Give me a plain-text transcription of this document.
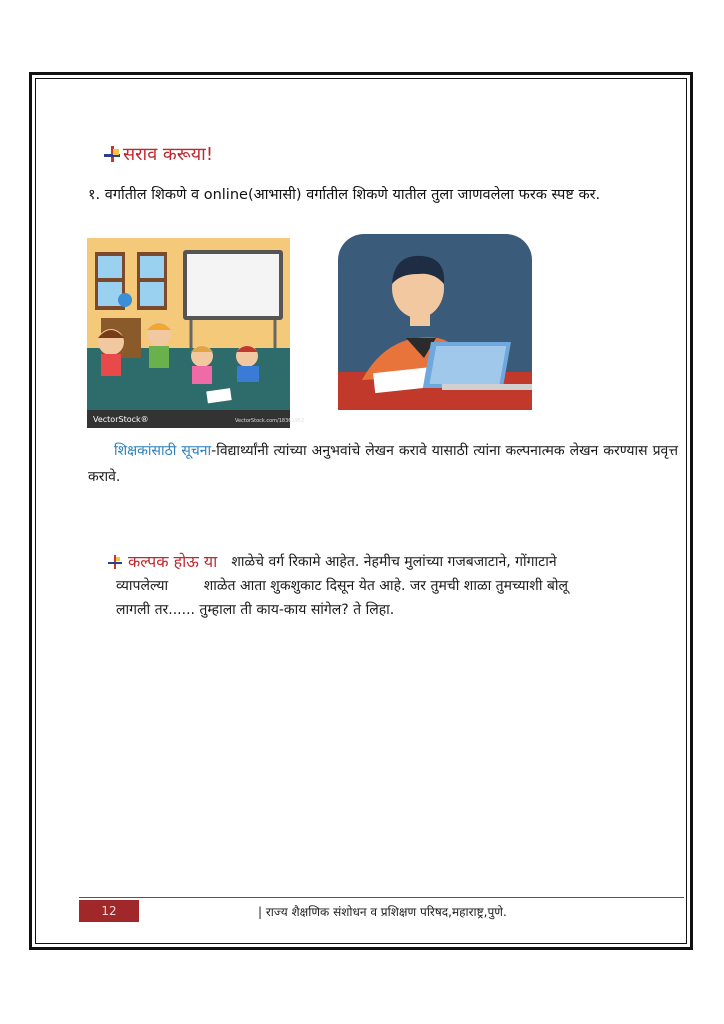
सराव करूया!
१. वर्गातील शिकणे व online(आभासी) वर्गातील शिकणे यातील तुला जाणवलेला फरक स्पष्ट कर.
VectorStock®	VectorStock.com/18361952
शिक्षकांसाठी सूचना-विद्यार्थ्यांनी त्यांच्या अनुभवांचे लेखन करावे यासाठी त्यांना कल्पनात्मक लेखन करण्यास प्रवृत्त करावे.
कल्पक होऊ या शाळेचे वर्ग रिकामे आहेत. नेहमीच मुलांच्या गजबजाटाने, गोंगाटाने
व्यापलेल्या        शाळेत आता शुकशुकाट दिसून येत आहे. जर तुमची शाळा तुमच्याशी बोलू
लागली तर...... तुम्हाला ती काय-काय सांगेल? ते लिहा.
12	| राज्य शैक्षणिक संशोधन व प्रशिक्षण परिषद,महाराष्ट्र,पुणे.
